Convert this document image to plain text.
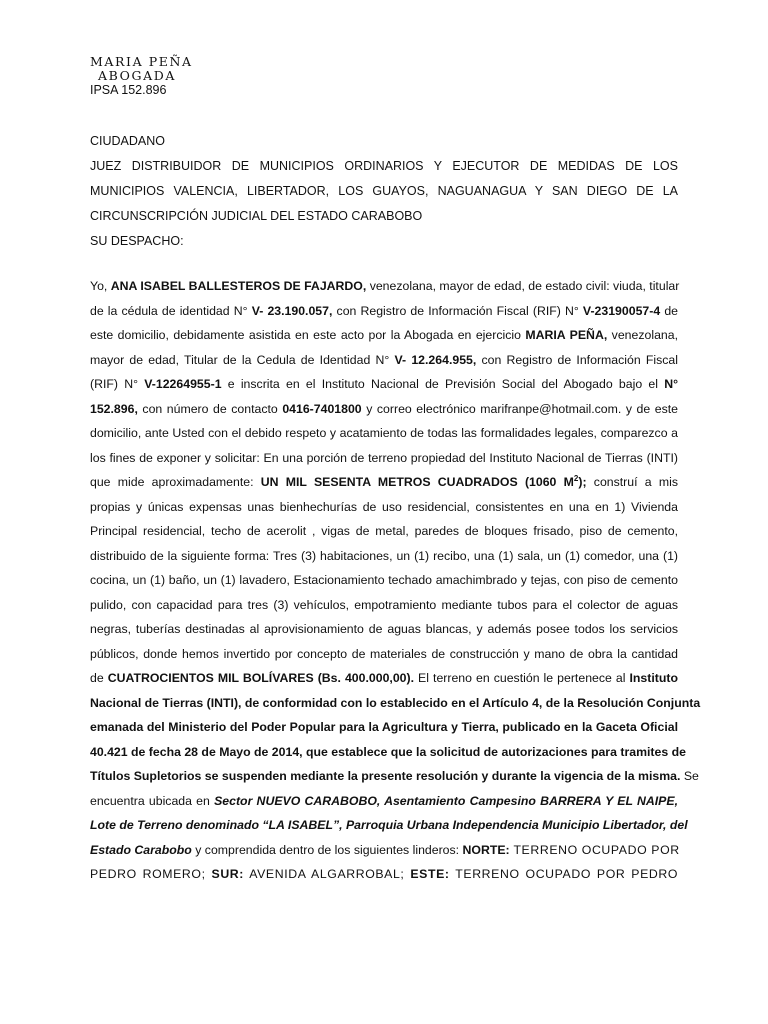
MARIA PEÑA

ABOGADA

IPSA 152.896

CIUDADANO
JUEZ DISTRIBUIDOR DE MUNICIPIOS ORDINARIOS Y EJECUTOR DE MEDIDAS DE LOS
MUNICIPIOS VALENCIA, LIBERTADOR, LOS GUAYOS, NAGUANAGUA Y SAN DIEGO DE LA
CIRCUNSCRIPCIÓN JUDICIAL DEL ESTADO CARABOBO
SU DESPACHO:
Yo, ANA ISABEL BALLESTEROS DE FAJARDO, venezolana, mayor de edad, de estado civil: viuda, titular
de la cédula de identidad N° V- 23.190.057, con Registro de Información Fiscal (RIF) N° V-23190057-4 de
este domicilio, debidamente asistida en este acto por la Abogada en ejercicio MARIA PEÑA, venezolana,
mayor de edad, Titular de la Cedula de Identidad N° V- 12.264.955, con Registro de Información Fiscal
(RIF) N° V-12264955-1 e inscrita en el Instituto Nacional de Previsión Social del Abogado bajo el N°
152.896, con número de contacto 0416-7401800 y correo electrónico marifranpe@hotmail.com. y de este
domicilio, ante Usted con el debido respeto y acatamiento de todas las formalidades legales, comparezco a
los fines de exponer y solicitar: En una porción de terreno propiedad del Instituto Nacional de Tierras (INTI)
que mide aproximadamente: UN MIL SESENTA METROS CUADRADOS (1060 $M^2$); construí a mis
propias y únicas expensas unas bienhechurías de uso residencial, consistentes en una en 1) Vivienda
Principal residencial, techo de acerolit , vigas de metal, paredes de bloques frisado, piso de cemento,
distribuido de la siguiente forma: Tres (3) habitaciones, un (1) recibo, una (1) sala, un (1) comedor, una (1)
cocina, un (1) baño, un (1) lavadero, Estacionamiento techado amachimbrado y tejas, con piso de cemento
pulido, con capacidad para tres (3) vehículos, empotramiento mediante tubos para el colector de aguas
negras, tuberías destinadas al aprovisionamiento de aguas blancas, y además posee todos los servicios
públicos, donde hemos invertido por concepto de materiales de construcción y mano de obra la cantidad
de CUATROCIENTOS MIL BOLÍVARES (Bs. 400.000,00). El terreno en cuestión le pertenece al Instituto
Nacional de Tierras (INTI), de conformidad con lo establecido en el Artículo 4, de la Resolución Conjunta
emanada del Ministerio del Poder Popular para la Agricultura y Tierra, publicado en la Gaceta Oficial
40.421 de fecha 28 de Mayo de 2014, que establece que la solicitud de autorizaciones para tramites de
Títulos Supletorios se suspenden mediante la presente resolución y durante la vigencia de la misma. Se
encuentra ubicada en Sector NUEVO CARABOBO, Asentamiento Campesino BARRERA Y EL NAIPE,
Lote de Terreno denominado “LA ISABEL”, Parroquia Urbana Independencia Municipio Libertador, del
Estado Carabobo y comprendida dentro de los siguientes linderos: NORTE: TERRENO OCUPADO POR
PEDRO ROMERO; SUR: AVENIDA ALGARROBAL; ESTE: TERRENO OCUPADO POR PEDRO
